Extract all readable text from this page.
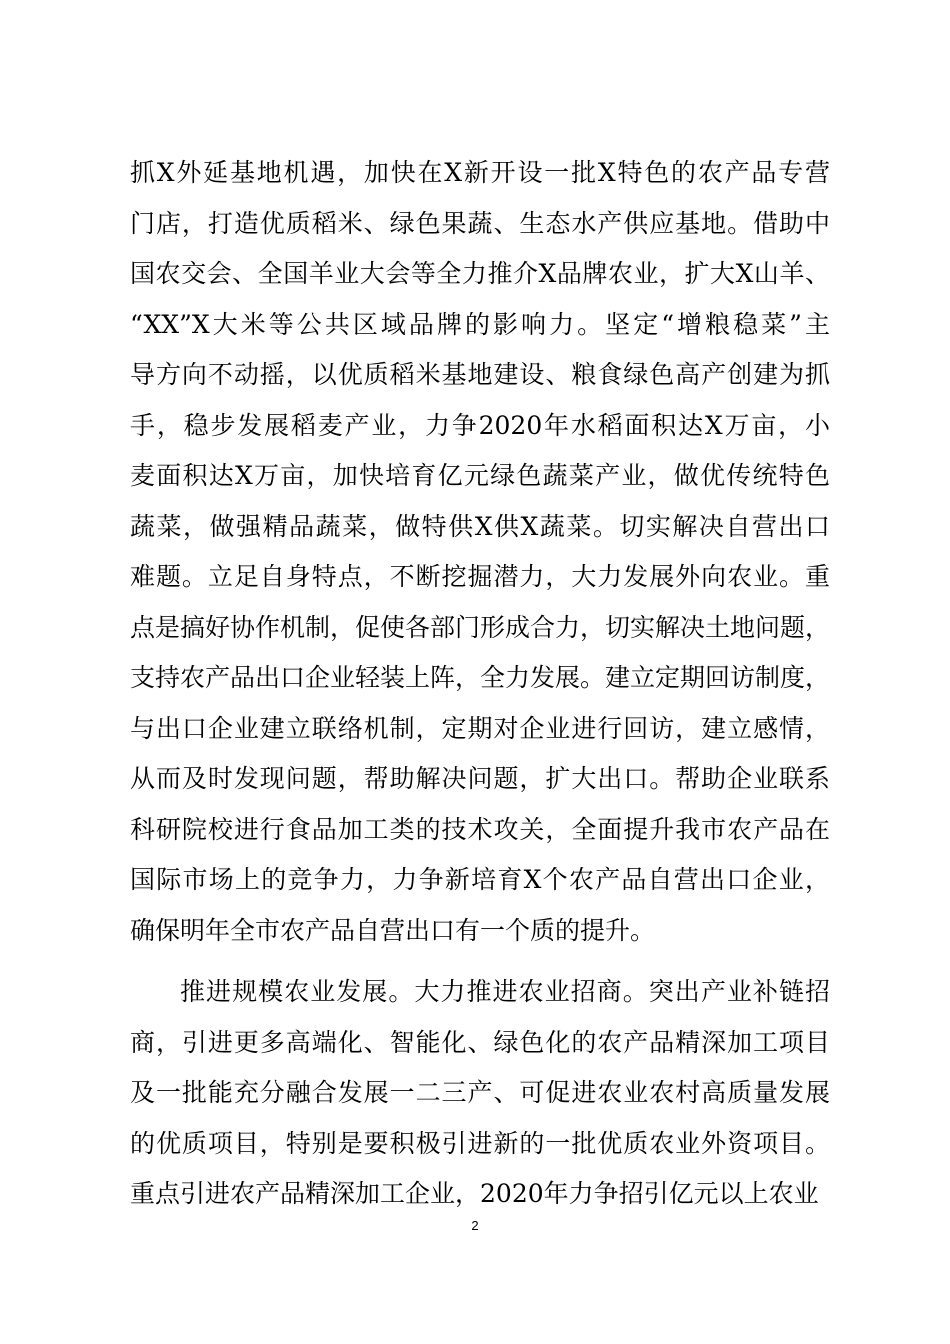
抓X外延基地机遇，加快在X新开设一批X特色的农产品专营
门店，打造优质稻米、绿色果蔬、生态水产供应基地。借助中
国农交会、全国羊业大会等全力推介X品牌农业，扩大X山羊、
“XX”X大米等公共区域品牌的影响力。坚定“增粮稳菜”主
导方向不动摇，以优质稻米基地建设、粮食绿色高产创建为抓
手，稳步发展稻麦产业，力争2020年水稻面积达X万亩，小
麦面积达X万亩，加快培育亿元绿色蔬菜产业，做优传统特色
蔬菜，做强精品蔬菜，做特供X供X蔬菜。切实解决自营出口
难题。立足自身特点，不断挖掘潜力，大力发展外向农业。重
点是搞好协作机制，促使各部门形成合力，切实解决土地问题，
支持农产品出口企业轻装上阵，全力发展。建立定期回访制度，
与出口企业建立联络机制，定期对企业进行回访，建立感情，
从而及时发现问题，帮助解决问题，扩大出口。帮助企业联系
科研院校进行食品加工类的技术攻关，全面提升我市农产品在
国际市场上的竞争力，力争新培育X个农产品自营出口企业，
确保明年全市农产品自营出口有一个质的提升。
推进规模农业发展。大力推进农业招商。突出产业补链招
商，引进更多高端化、智能化、绿色化的农产品精深加工项目
及一批能充分融合发展一二三产、可促进农业农村高质量发展
的优质项目，特别是要积极引进新的一批优质农业外资项目。
重点引进农产品精深加工企业，2020年力争招引亿元以上农业
2
